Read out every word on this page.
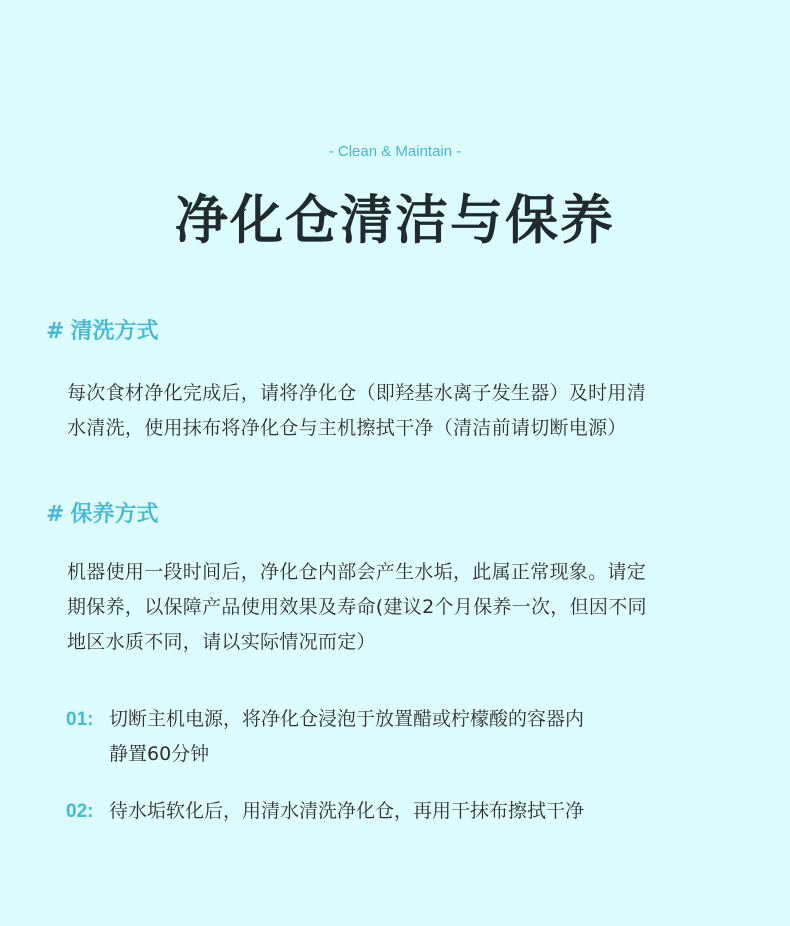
- Clean & Maintain -
净化仓清洁与保养
# 清洗方式
每次食材净化完成后，请将净化仓（即羟基水离子发生器）及时用清
水清洗，使用抹布将净化仓与主机擦拭干净（清洁前请切断电源）
# 保养方式
机器使用一段时间后，净化仓内部会产生水垢，此属正常现象。请定
期保养，以保障产品使用效果及寿命(建议2个月保养一次，但因不同
地区水质不同，请以实际情况而定）
01: 切断主机电源，将净化仓浸泡于放置醋或柠檬酸的容器内
静置60分钟
02: 待水垢软化后，用清水清洗净化仓，再用干抹布擦拭干净
